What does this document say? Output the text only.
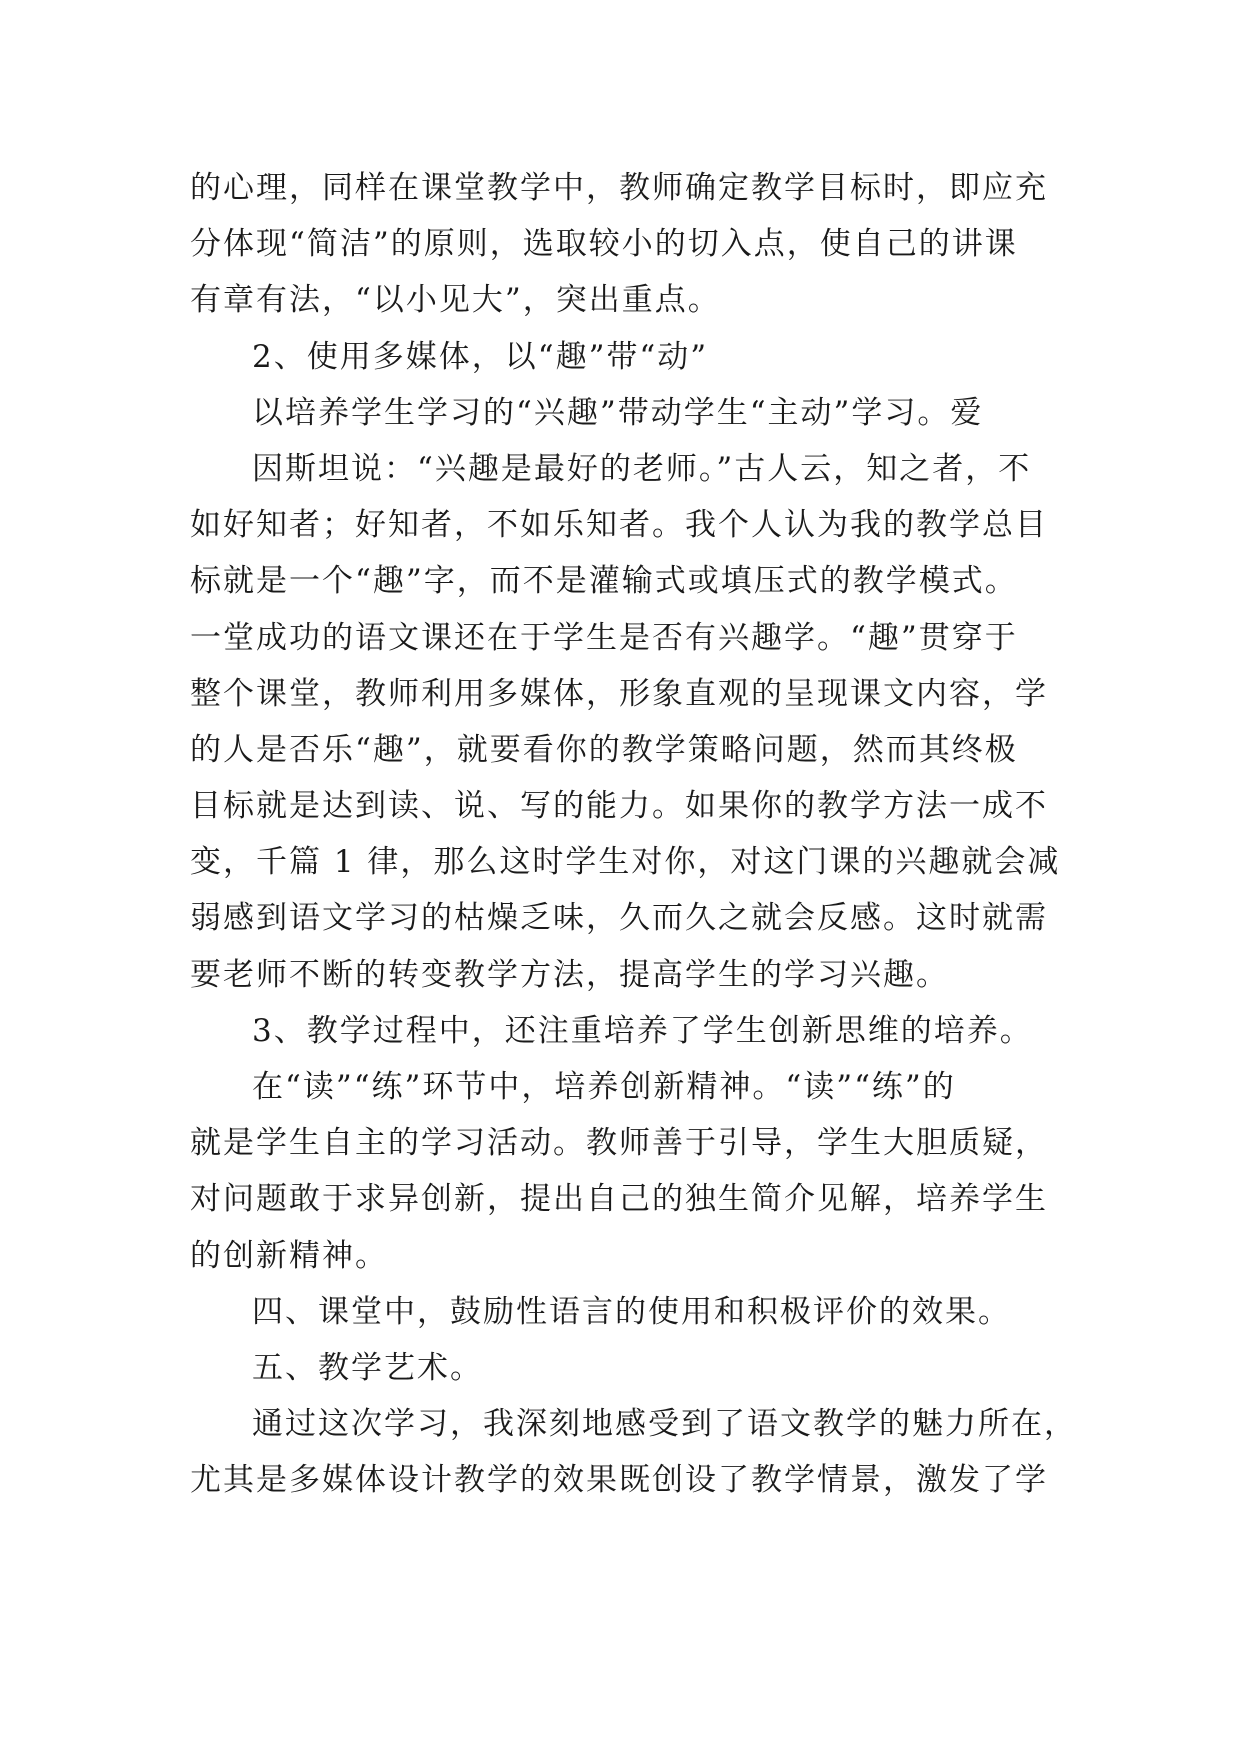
的心理，同样在课堂教学中，教师确定教学目标时，即应充
分体现“简洁”的原则，选取较小的切入点，使自己的讲课
有章有法，“以小见大”，突出重点。
2、使用多媒体，以“趣”带“动”
以培养学生学习的“兴趣”带动学生“主动”学习。爱
因斯坦说：“兴趣是最好的老师。”古人云，知之者，不
如好知者；好知者，不如乐知者。我个人认为我的教学总目
标就是一个“趣”字，而不是灌输式或填压式的教学模式。
一堂成功的语文课还在于学生是否有兴趣学。“趣”贯穿于
整个课堂，教师利用多媒体，形象直观的呈现课文内容，学
的人是否乐“趣”，就要看你的教学策略问题，然而其终极
目标就是达到读、说、写的能力。如果你的教学方法一成不
变，千篇 1 律，那么这时学生对你，对这门课的兴趣就会减
弱感到语文学习的枯燥乏味，久而久之就会反感。这时就需
要老师不断的转变教学方法，提高学生的学习兴趣。
3、教学过程中，还注重培养了学生创新思维的培养。
在“读”“练”环节中，培养创新精神。“读”“练”的
就是学生自主的学习活动。教师善于引导，学生大胆质疑，
对问题敢于求异创新，提出自己的独生简介见解，培养学生
的创新精神。
四、课堂中，鼓励性语言的使用和积极评价的效果。
五、教学艺术。
通过这次学习，我深刻地感受到了语文教学的魅力所在，
尤其是多媒体设计教学的效果既创设了教学情景，激发了学
